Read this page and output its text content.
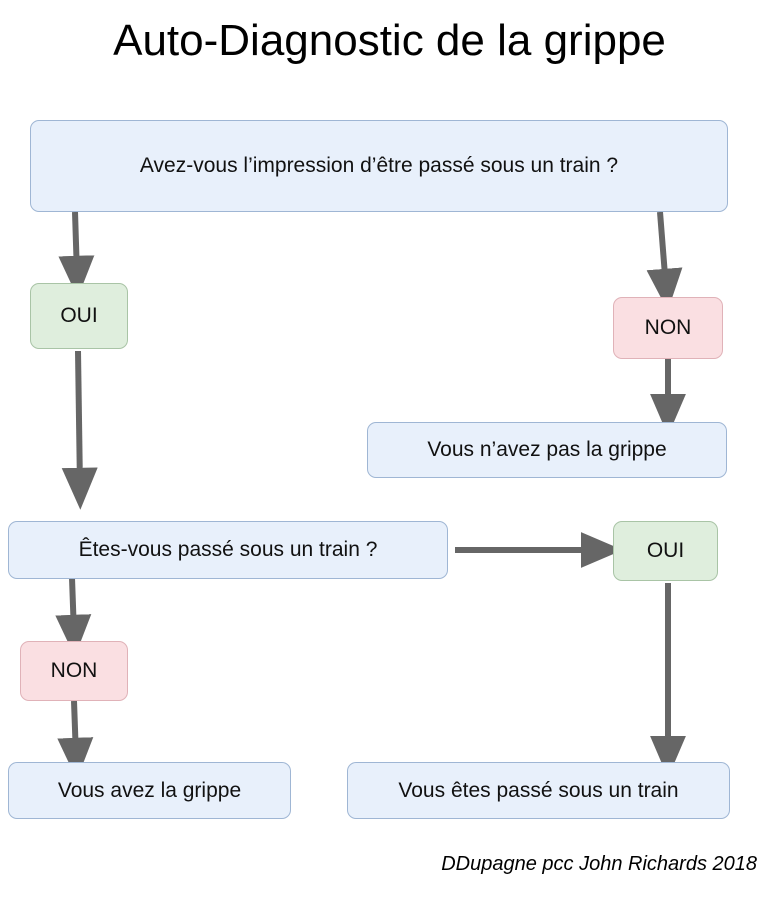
Auto-Diagnostic de la grippe
Avez-vous l’impression d’être passé sous un train ?
OUI
NON
Vous n’avez pas la grippe
Êtes-vous passé sous un train ?	OUI
NON
Vous avez la grippe	Vous êtes passé sous un train
DDupagne pcc John Richards 2018
